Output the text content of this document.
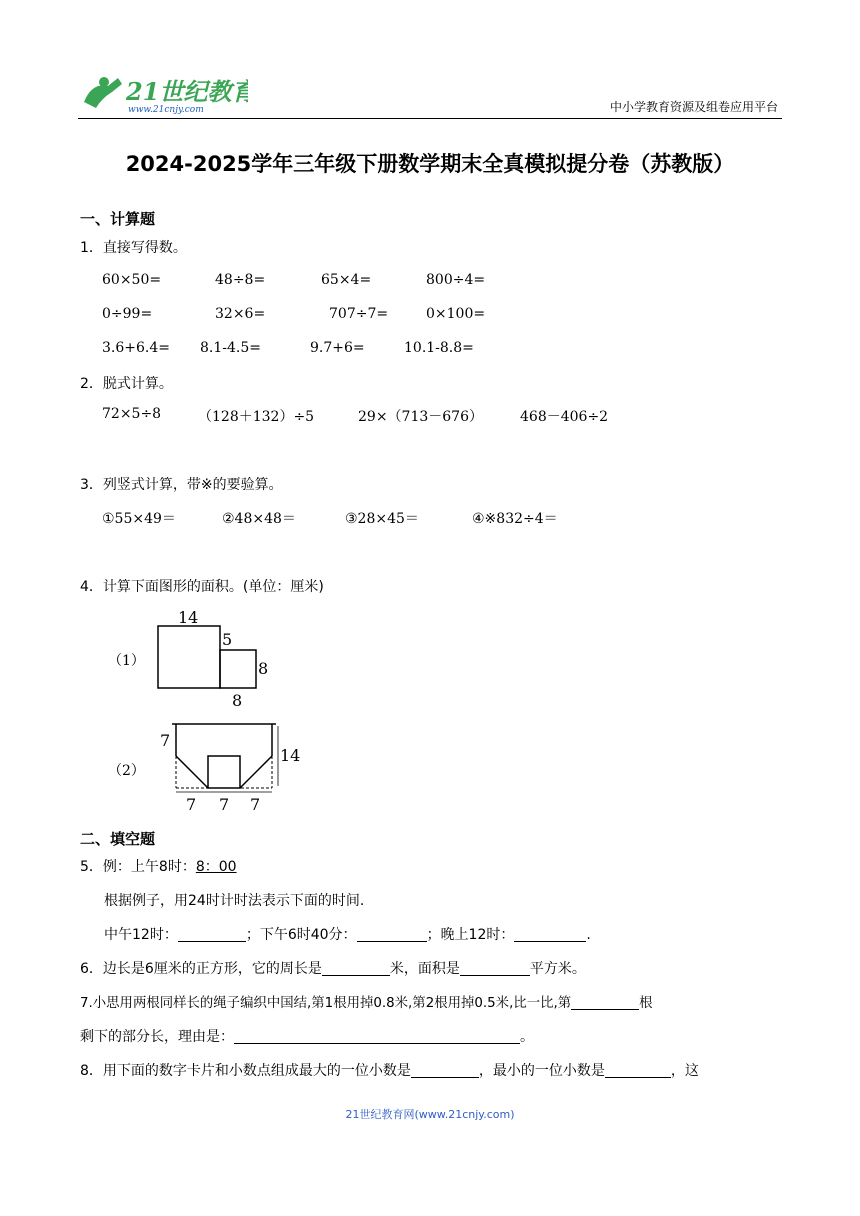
21世纪教育
www.21cnjy.com	中小学教育资源及组卷应用平台
2024-2025学年三年级下册数学期末全真模拟提分卷（苏教版）
一、计算题
1．直接写得数。
60×50=	48÷8=	65×4=	800÷4=
0÷99=	32×6=	707÷7=	0×100=
3.6+6.4= 8.1-4.5=	9.7+6=	10.1-8.8=
2．脱式计算。
72×5÷8	（128＋132）÷5	29×（713－676）	468－406÷2
3．列竖式计算，带※的要验算。
①55×49＝	②48×48＝	③28×45＝	④※832÷4＝
4．计算下面图形的面积。(单位：厘米)
（1）
14
5
8
8
（2）
7
14
7 7 7
二、填空题
5．例：上午8时：8：00
根据例子，用24时计时法表示下面的时间.
中午12时：	；下午6时40分：	；晚上12时：	.
6．边长是6厘米的正方形，它的周长是	米，面积是	平方米。
7.小思用两根同样长的绳子编织中国结,第1根用掉0.8米,第2根用掉0.5米,比一比,第	根
剩下的部分长，理由是：	。
8．用下面的数字卡片和小数点组成最大的一位小数是	，最小的一位小数是	，这
21世纪教育网(www.21cnjy.com)
